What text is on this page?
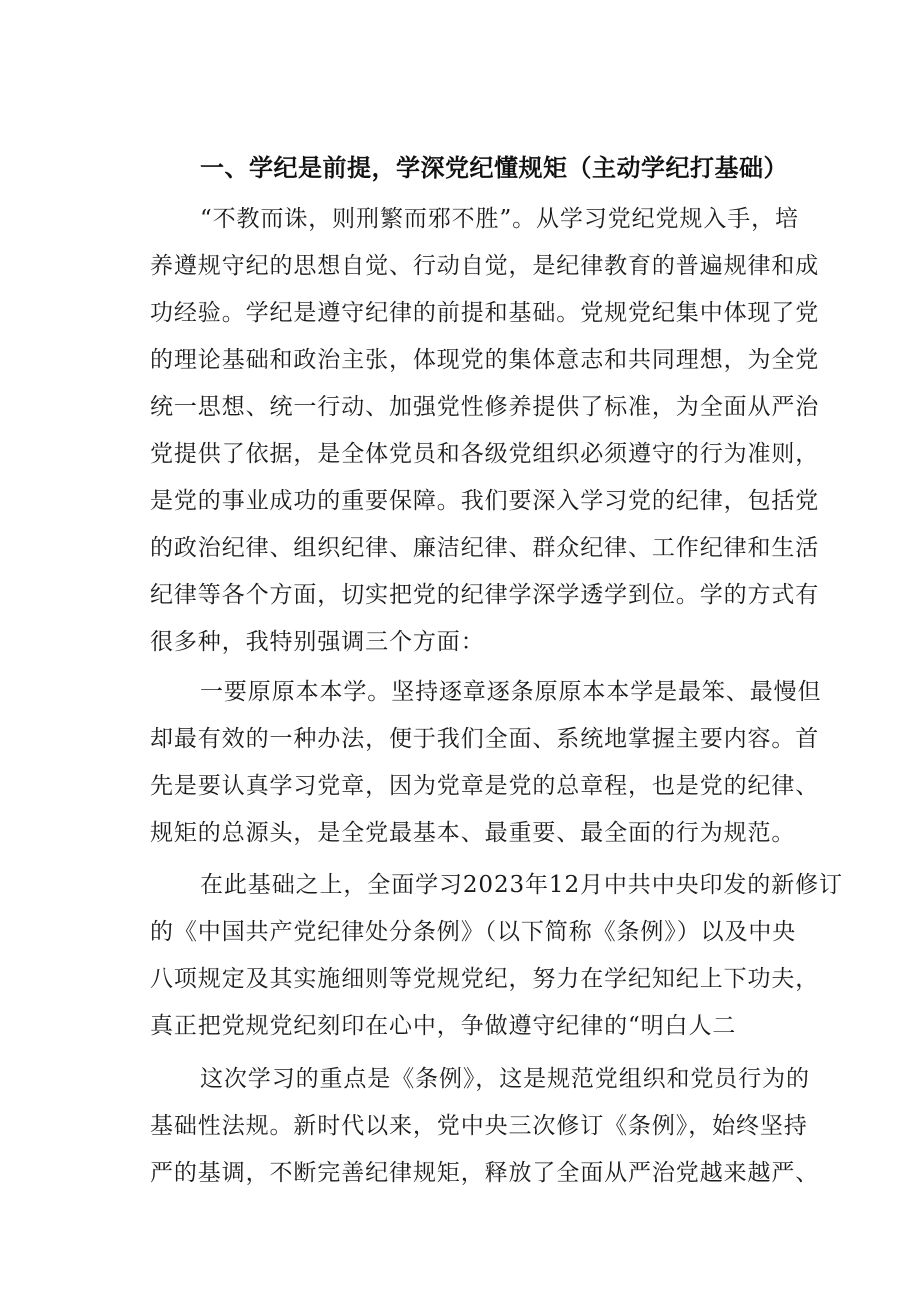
一、学纪是前提，学深党纪懂规矩（主动学纪打基础）
“不教而诛，则刑繁而邪不胜”。从学习党纪党规入手，培
养遵规守纪的思想自觉、行动自觉，是纪律教育的普遍规律和成
功经验。学纪是遵守纪律的前提和基础。党规党纪集中体现了党
的理论基础和政治主张，体现党的集体意志和共同理想，为全党
统一思想、统一行动、加强党性修养提供了标准，为全面从严治
党提供了依据，是全体党员和各级党组织必须遵守的行为准则，
是党的事业成功的重要保障。我们要深入学习党的纪律，包括党
的政治纪律、组织纪律、廉洁纪律、群众纪律、工作纪律和生活
纪律等各个方面，切实把党的纪律学深学透学到位。学的方式有
很多种，我特别强调三个方面：
一要原原本本学。坚持逐章逐条原原本本学是最笨、最慢但
却最有效的一种办法，便于我们全面、系统地掌握主要内容。首
先是要认真学习党章，因为党章是党的总章程，也是党的纪律、
规矩的总源头，是全党最基本、最重要、最全面的行为规范。
在此基础之上，全面学习2023年12月中共中央印发的新修订
的《中国共产党纪律处分条例》（以下简称《条例》）以及中央
八项规定及其实施细则等党规党纪，努力在学纪知纪上下功夫，
真正把党规党纪刻印在心中，争做遵守纪律的“明白人二
这次学习的重点是《条例》，这是规范党组织和党员行为的
基础性法规。新时代以来，党中央三次修订《条例》，始终坚持
严的基调，不断完善纪律规矩，释放了全面从严治党越来越严、
